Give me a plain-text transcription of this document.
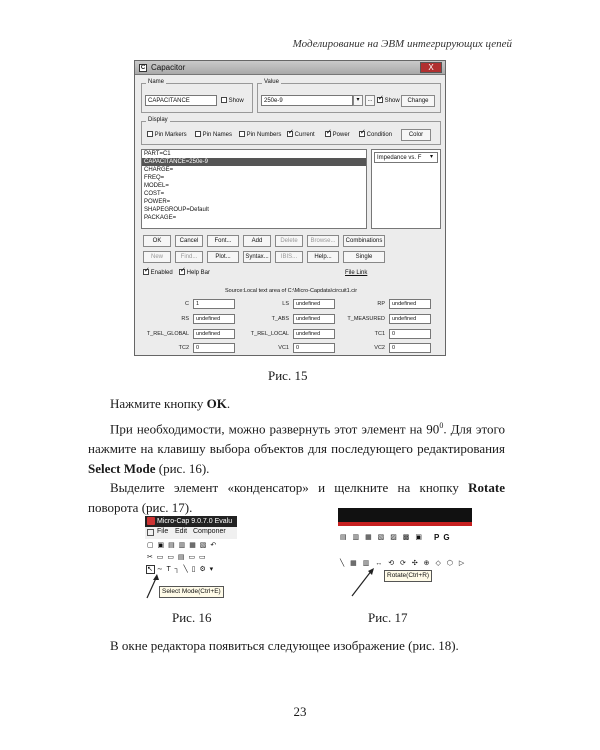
Моделирование на ЭВМ интегрирующих цепей
C Capacitor	X
Name
CAPACITANCE	Show
Value
250e-9	▾	... ✓	Show	Change
Display
Pin Markers	Pin Names	Pin Numbers ✓	Current ✓	Power ✓	Condition	Color
PART=C1
CAPACITANCE=250e-9
CHARGE=
FREQ=
MODEL=
COST=
POWER=
SHAPEGROUP=Default
PACKAGE=
Impedance vs. F	▾
OK	Cancel	Font...	Add	Delete	Browse...	Combinations
New	Find...	Plot...	Syntax...	IBIS...	Help...	Single
✓ Enabled ✓	Help Bar	File Link
Source:Local text area of C:\Micro-Capdata\circuit1.cir
C	1	LS	undefined	RP	undefined
RS	undefined	T_ABS	undefined	T_MEASURED	undefined
T_REL_GLOBAL	undefined	T_REL_LOCAL	undefined	TC1	0
TC2	0	VC1	0	VC2	0
Рис. 15
Нажмите кнопку OK.
При необходимости, можно развернуть этот элемент на $90^0$. Для этого нажмите на клавишу выбора объектов для последующего редактирования Select Mode (рис. 16).
Выделите элемент «конденсатор» и щелкните на кнопку Rotate поворота (рис. 17).
Micro-Cap 9.0.7.0 Evalu
File Edit Componer
▢ ▣ ▤ ▥ ▦ ▧ ↶
✂ ▭ ▭ ▤ ▭ ▭
↖ ∼ T ┐ ╲ ▯ ⚙ ▾
Select Mode(Ctrl+E)
Рис. 16
▤ ▥ ▦ ▧ ▨ ▩ ▣ P G
╲ ▦ ▥ ↔ ⟲ ⟳ ✣ ⊕ ◇ ⬡ ▷
Rotate(Ctrl+R)
Рис. 17
В окне редактора появиться следующее изображение (рис. 18).
23
